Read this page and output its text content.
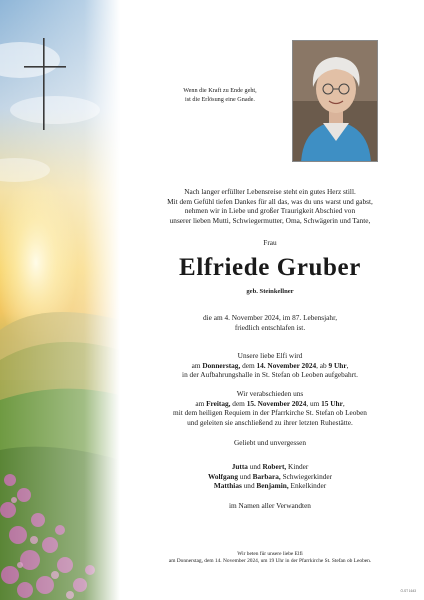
Wenn die Kraft zu Ende geht,
ist die Erlösung eine Gnade.
Nach langer erfüllter Lebensreise steht ein gutes Herz still.
Mit dem Gefühl tiefen Dankes für all das, was du uns warst und gabst,
nehmen wir in Liebe und großer Traurigkeit Abschied von
unserer lieben Mutti, Schwiegermutter, Oma, Schwägerin und Tante,
Frau
Elfriede Gruber
geb. Steinkellner
die am 4. November 2024, im 87. Lebensjahr,
friedlich entschlafen ist.
Unsere liebe Elfi wird
am Donnerstag, dem 14. November 2024, ab 9 Uhr,
in der Aufbahrungshalle in St. Stefan ob Leoben aufgebahrt.
Wir verabschieden uns
am Freitag, dem 15. November 2024, um 15 Uhr,
mit dem heiligen Requiem in der Pfarrkirche St. Stefan ob Leoben
und geleiten sie anschließend zu ihrer letzten Ruhestätte.
Geliebt und unvergessen
Jutta und Robert, Kinder
Wolfgang und Barbara, Schwiegerkinder
Matthias und Benjamin, Enkelkinder
im Namen aller Verwandten
Wir beten für unsere liebe Elfi
am Donnerstag, dem 14. November 2024, um 19 Uhr in der Pfarrkirche St. Stefan ob Leoben.
Ö-ST 1643
